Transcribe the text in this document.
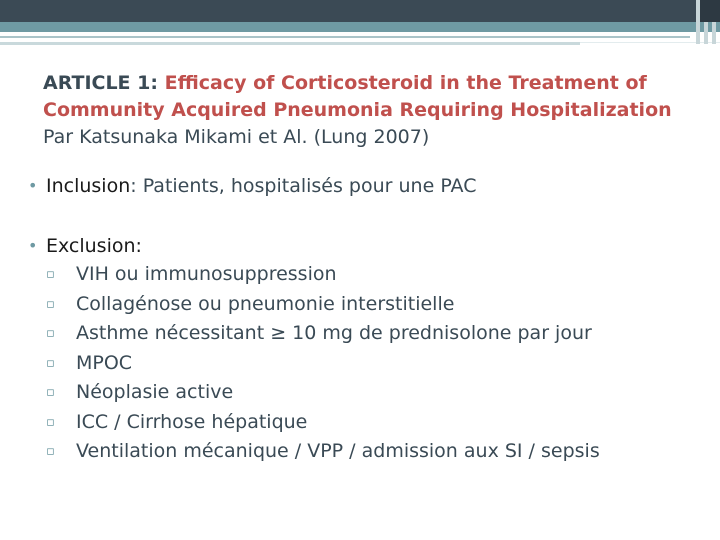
ARTICLE 1: Efficacy of Corticosteroid in the Treatment of
Community Acquired Pneumonia Requiring Hospitalization
Par Katsunaka Mikami et Al. (Lung 2007)
• Inclusion: Patients, hospitalisés pour une PAC
• Exclusion:
▫ VIH ou immunosuppression
▫ Collagénose ou pneumonie interstitielle
▫ Asthme nécessitant ≥ 10 mg de prednisolone par jour
▫ MPOC
▫ Néoplasie active
▫ ICC / Cirrhose hépatique
▫ Ventilation mécanique / VPP / admission aux SI / sepsis
